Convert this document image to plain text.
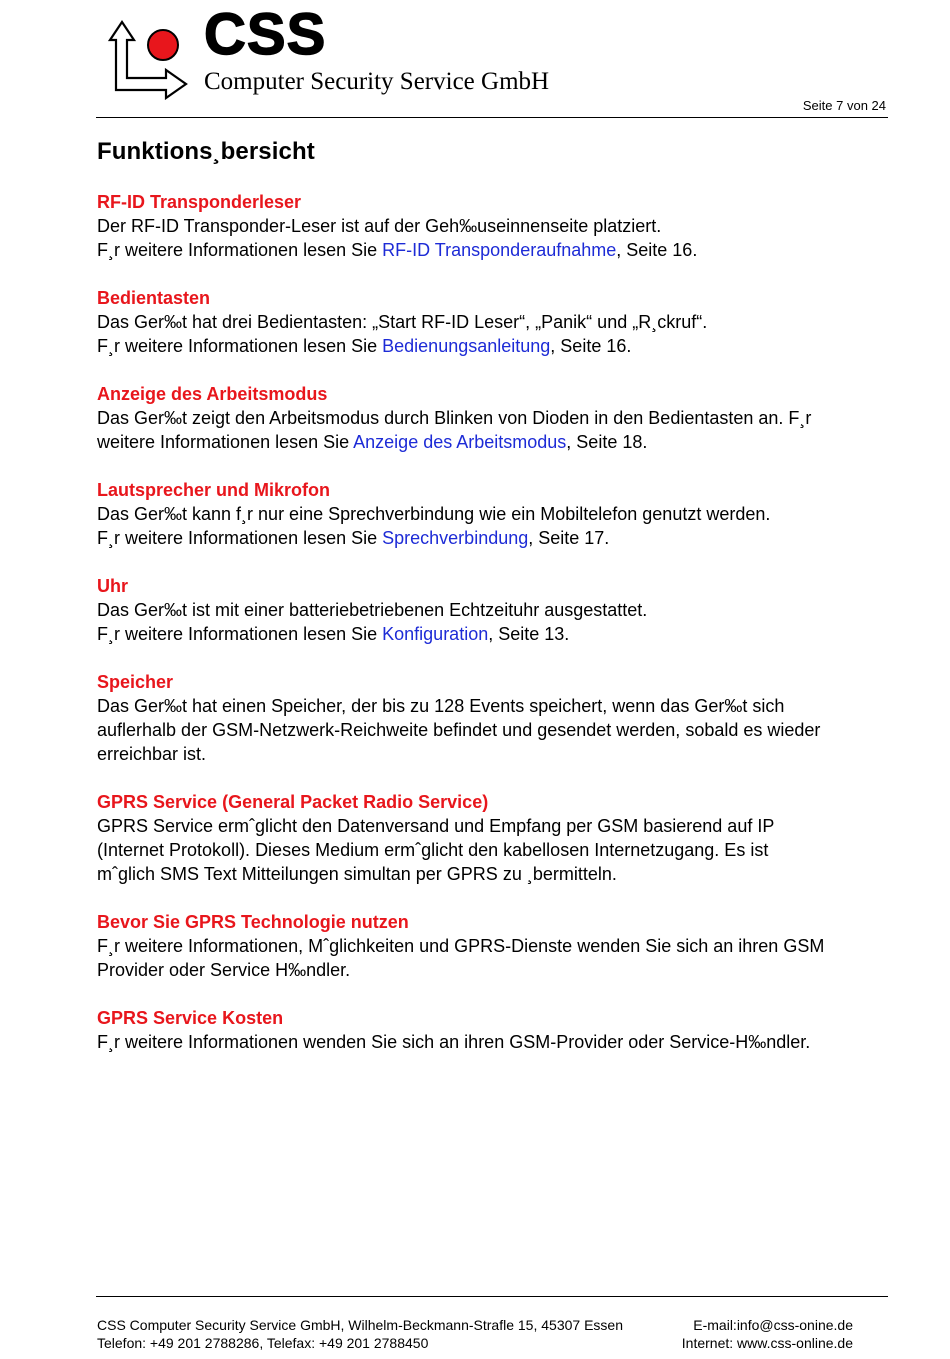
CSS
Computer Security Service GmbH
Seite 7 von 24
Funktions¸bersicht
RF-ID Transponderleser
Der RF-ID Transponder-Leser ist auf der Geh‰useinnenseite platziert.
F¸r weitere Informationen lesen Sie RF-ID Transponderaufnahme, Seite 16.
Bedientasten
Das Ger‰t hat drei Bedientasten: „Start RF-ID Leser“, „Panik“ und „R¸ckruf“.
F¸r weitere Informationen lesen Sie Bedienungsanleitung, Seite 16.
Anzeige des Arbeitsmodus
Das Ger‰t zeigt den Arbeitsmodus durch Blinken von Dioden in den Bedientasten an. F¸r
weitere Informationen lesen Sie Anzeige des Arbeitsmodus, Seite 18.
Lautsprecher und Mikrofon
Das Ger‰t kann f¸r nur eine Sprechverbindung wie ein Mobiltelefon genutzt werden.
F¸r weitere Informationen lesen Sie Sprechverbindung, Seite 17.
Uhr
Das Ger‰t ist mit einer batteriebetriebenen Echtzeituhr ausgestattet.
F¸r weitere Informationen lesen Sie Konfiguration, Seite 13.
Speicher
Das Ger‰t hat einen Speicher, der bis zu 128 Events speichert, wenn das Ger‰t sich
auﬂerhalb der GSM-Netzwerk-Reichweite befindet und gesendet werden, sobald es wieder
erreichbar ist.
GPRS Service (General Packet Radio Service)
GPRS Service ermˆglicht den Datenversand und Empfang per GSM basierend auf IP
(Internet Protokoll). Dieses Medium ermˆglicht den kabellosen Internetzugang. Es ist
mˆglich SMS Text Mitteilungen simultan per GPRS zu ¸bermitteln.
Bevor Sie GPRS Technologie nutzen
F¸r weitere Informationen, Mˆglichkeiten und GPRS-Dienste wenden Sie sich an ihren GSM
Provider oder Service H‰ndler.
GPRS Service Kosten
F¸r weitere Informationen wenden Sie sich an ihren GSM-Provider oder Service-H‰ndler.
CSS Computer Security Service GmbH, Wilhelm-Beckmann-Straﬂe 15, 45307 Essen
Telefon: +49 201 2788286, Telefax: +49 201 2788450
E-mail:info@css-onine.de
Internet: www.css-online.de
